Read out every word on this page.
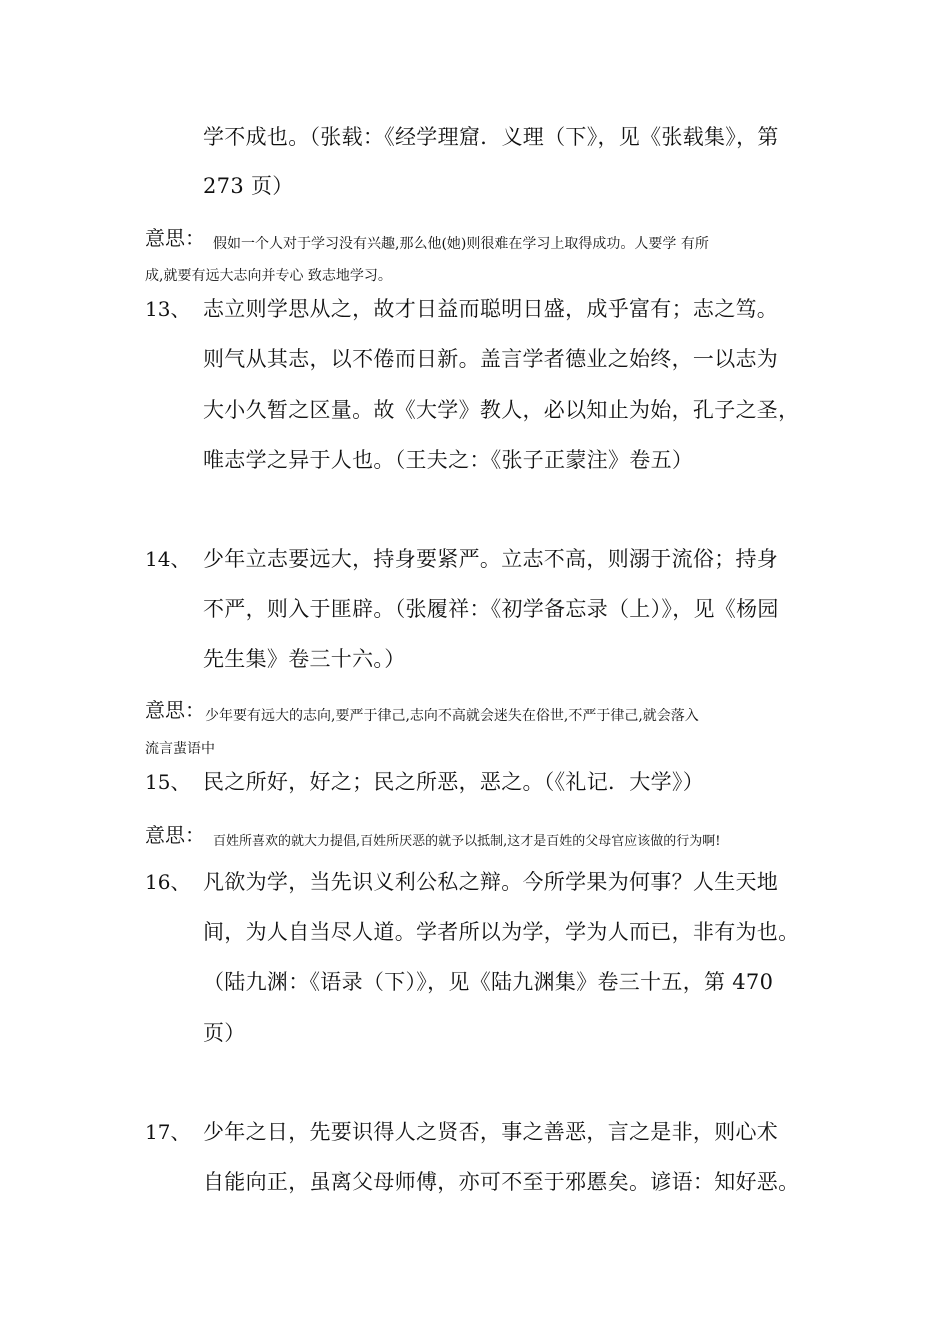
学不成也。（张载：《经学理窟．义理（下》，见《张载集》，第
273 页）
意思： 假如一个人对于学习没有兴趣,那么他(她)则很难在学习上取得成功。人要学 有所
成,就要有远大志向并专心 致志地学习。
13、 志立则学思从之，故才日益而聪明日盛，成乎富有；志之笃。
则气从其志，以不倦而日新。盖言学者德业之始终，一以志为
大小久暂之区量。故《大学》教人，必以知止为始，孔子之圣，
唯志学之异于人也。（王夫之：《张子正蒙注》卷五）
14、 少年立志要远大，持身要紧严。立志不高，则溺于流俗；持身
不严，则入于匪辟。（张履祥：《初学备忘录（上）》，见《杨园
先生集》卷三十六。）
意思： 少年要有远大的志向,要严于律己,志向不高就会迷失在俗世,不严于律己,就会落入
流言蜚语中
15、 民之所好，好之；民之所恶，恶之。（《礼记．大学》）
意思： 百姓所喜欢的就大力提倡,百姓所厌恶的就予以抵制,这才是百姓的父母官应该做的行为啊!
16、 凡欲为学，当先识义利公私之辩。今所学果为何事？人生天地
间，为人自当尽人道。学者所以为学，学为人而已，非有为也。
（陆九渊：《语录（下）》，见《陆九渊集》卷三十五，第 470
页）
17、 少年之日，先要识得人之贤否，事之善恶，言之是非，则心术
自能向正，虽离父母师傅，亦可不至于邪慝矣。谚语：知好恶。
